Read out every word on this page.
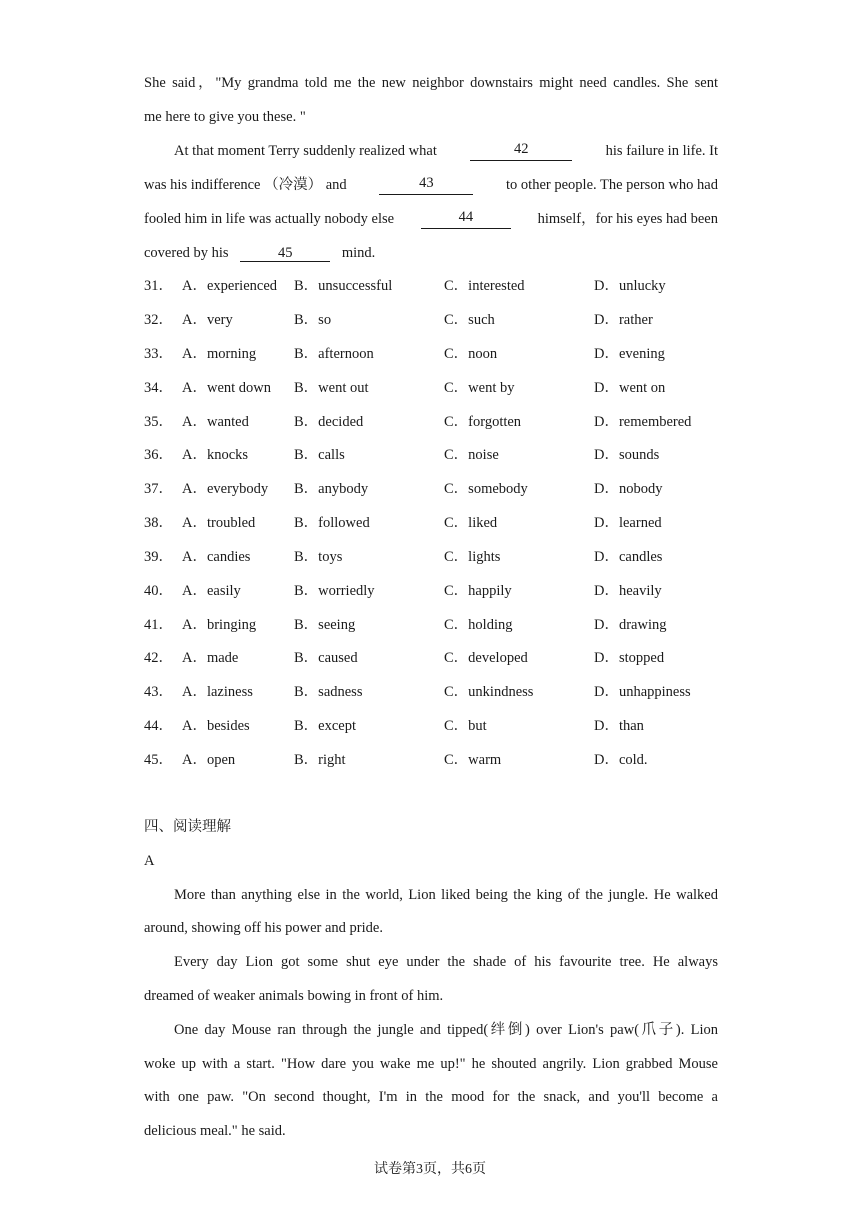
She said，"My grandma told me the new neighbor downstairs might need candles. She sent
me here to give you these. "
At that moment Terry suddenly realized what	42	his failure in life. It
was his indifference （冷漠） and	43	to other people. The person who had
fooled him in life was actually nobody else	44	himself，for his eyes had been
covered by his	45	mind.
31． A．experienced B．unsuccessful	C．interested	D．unlucky
32． A．very	B．so	C．such	D．rather
33． A．morning	B．afternoon	C．noon	D．evening
34． A．went down B．went out	C．went by	D．went on
35． A．wanted	B．decided	C．forgotten	D．remembered
36． A．knocks	B．calls	C．noise	D．sounds
37． A．everybody B．anybody	C．somebody	D．nobody
38． A．troubled	B．followed	C．liked	D．learned
39． A．candies	B．toys	C．lights	D．candles
40． A．easily	B．worriedly	C．happily	D．heavily
41． A．bringing	B．seeing	C．holding	D．drawing
42． A．made	B．caused	C．developed	D．stopped
43． A．laziness	B．sadness	C．unkindness	D．unhappiness
44． A．besides	B．except	C．but	D．than
45． A．open	B．right	C．warm	D．cold.
四、阅读理解
A
More than anything else in the world, Lion liked being the king of the jungle. He walked
around, showing off his power and pride.
Every day Lion got some shut eye under the shade of his favourite tree. He always
dreamed of weaker animals bowing in front of him.
One day Mouse ran through the jungle and tipped(绊倒) over Lion's paw(爪子). Lion
woke up with a start. "How dare you wake me up!" he shouted angrily. Lion grabbed Mouse
with one paw. "On second thought, I'm in the mood for the snack, and you'll become a
delicious meal." he said.
试卷第3页，共6页
